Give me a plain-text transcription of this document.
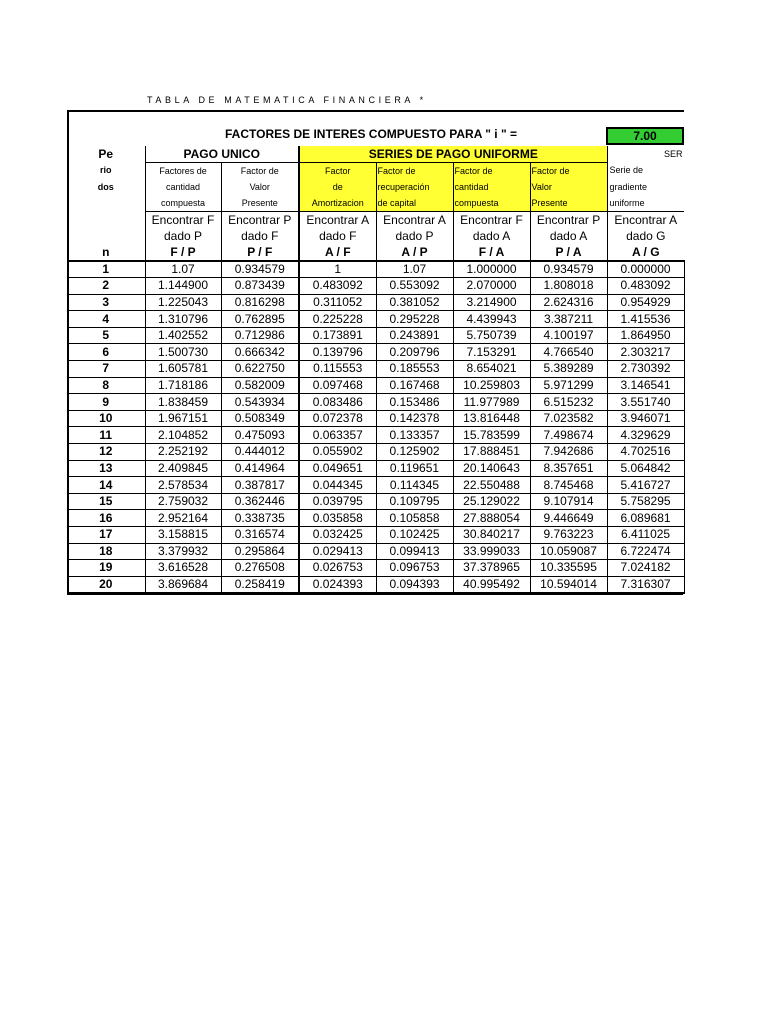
TABLA DE MATEMATICA FINANCIERA *
FACTORES DE INTERES COMPUESTO PARA " i " =	7.00
SER
Pe	PAGO UNICO		SERIES DE PAGO UNIFORME				
rio	Factores de	Factor de	Factor	Factor de	Factor de	Factor de	Serie de
dos	cantidad	Valor	de	recuperación	cantidad	Valor	gradiente
	compuesta	Presente	Amortizacion	de capital	compuesta	Presente	uniforme
	Encontrar F	Encontrar P	Encontrar A	Encontrar A	Encontrar F	Encontrar P	Encontrar A
	dado P	dado F	dado F	dado P	dado A	dado A	dado G
n	F / P	P / F	A / F	A / P	F / A	P / A	A / G
1	1.07	0.934579	1	1.07	1.000000	0.934579	0.000000
2	1.144900	0.873439	0.483092	0.553092	2.070000	1.808018	0.483092
3	1.225043	0.816298	0.311052	0.381052	3.214900	2.624316	0.954929
4	1.310796	0.762895	0.225228	0.295228	4.439943	3.387211	1.415536
5	1.402552	0.712986	0.173891	0.243891	5.750739	4.100197	1.864950
6	1.500730	0.666342	0.139796	0.209796	7.153291	4.766540	2.303217
7	1.605781	0.622750	0.115553	0.185553	8.654021	5.389289	2.730392
8	1.718186	0.582009	0.097468	0.167468	10.259803	5.971299	3.146541
9	1.838459	0.543934	0.083486	0.153486	11.977989	6.515232	3.551740
10	1.967151	0.508349	0.072378	0.142378	13.816448	7.023582	3.946071
11	2.104852	0.475093	0.063357	0.133357	15.783599	7.498674	4.329629
12	2.252192	0.444012	0.055902	0.125902	17.888451	7.942686	4.702516
13	2.409845	0.414964	0.049651	0.119651	20.140643	8.357651	5.064842
14	2.578534	0.387817	0.044345	0.114345	22.550488	8.745468	5.416727
15	2.759032	0.362446	0.039795	0.109795	25.129022	9.107914	5.758295
16	2.952164	0.338735	0.035858	0.105858	27.888054	9.446649	6.089681
17	3.158815	0.316574	0.032425	0.102425	30.840217	9.763223	6.411025
18	3.379932	0.295864	0.029413	0.099413	33.999033	10.059087	6.722474
19	3.616528	0.276508	0.026753	0.096753	37.378965	10.335595	7.024182
20	3.869684	0.258419	0.024393	0.094393	40.995492	10.594014	7.316307
